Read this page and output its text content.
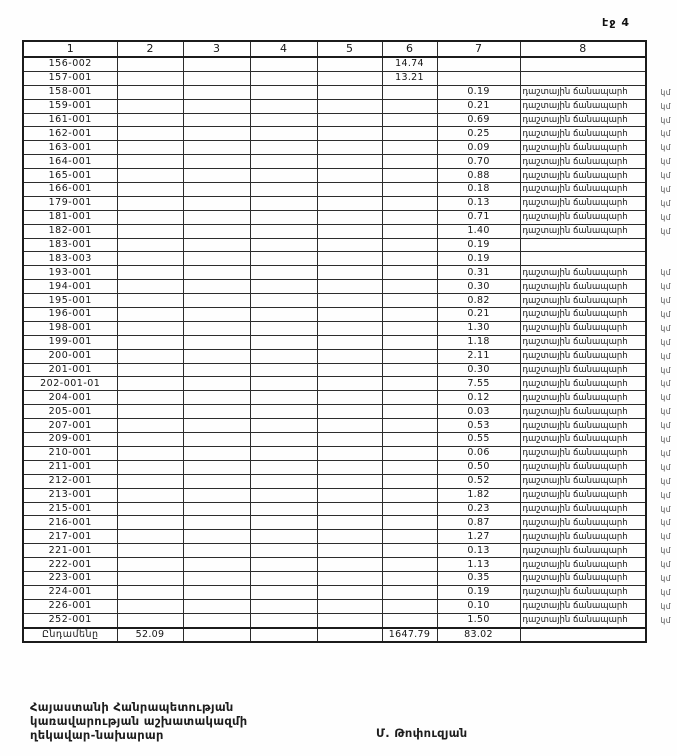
էջ 4
1	2	3	4	5	6	7	8
156-002					14.74		

157-001					13.21		

158-001						0.19	դաշտային ճանապարհ կմ

159-001						0.21	դաշտային ճանապարհ կմ

161-001						0.69	դաշտային ճանապարհ կմ

162-001						0.25	դաշտային ճանապարհ կմ

163-001						0.09	դաշտային ճանապարհ կմ

164-001						0.70	դաշտային ճանապարհ կմ

165-001						0.88	դաշտային ճանապարհ կմ

166-001						0.18	դաշտային ճանապարհ կմ

179-001						0.13	դաշտային ճանապարհ կմ

181-001						0.71	դաշտային ճանապարհ կմ

182-001						1.40	դաշտային ճանապարհ կմ

183-001						0.19	

183-003						0.19	

193-001						0.31	դաշտային ճանապարհ կմ

194-001						0.30	դաշտային ճանապարհ կմ

195-001						0.82	դաշտային ճանապարհ կմ

196-001						0.21	դաշտային ճանապարհ կմ

198-001						1.30	դաշտային ճանապարհ կմ

199-001						1.18	դաշտային ճանապարհ կմ

200-001						2.11	դաշտային ճանապարհ կմ

201-001						0.30	դաշտային ճանապարհ կմ

202-001-01						7.55	դաշտային ճանապարհ կմ

204-001						0.12	դաշտային ճանապարհ կմ

205-001						0.03	դաշտային ճանապարհ կմ

207-001						0.53	դաշտային ճանապարհ կմ

209-001						0.55	դաշտային ճանապարհ կմ

210-001						0.06	դաշտային ճանապարհ կմ

211-001						0.50	դաշտային ճանապարհ կմ

212-001						0.52	դաշտային ճանապարհ կմ

213-001						1.82	դաշտային ճանապարհ կմ

215-001						0.23	դաշտային ճանապարհ կմ

216-001						0.87	դաշտային ճանապարհ կմ

217-001						1.27	դաշտային ճանապարհ կմ

221-001						0.13	դաշտային ճանապարհ կմ

222-001						1.13	դաշտային ճանապարհ կմ

223-001						0.35	դաշտային ճանապարհ կմ

224-001						0.19	դաշտային ճանապարհ կմ

226-001						0.10	դաշտային ճանապարհ կմ

252-001						1.50	դաշտային ճանապարհ կմ

Ընդամենը	52.09				1647.79	83.02	
Հայաստանի Հանրապետության
կառավարության աշխատակազմի
ղեկավար-նախարար	Մ. Թոփուզյան
